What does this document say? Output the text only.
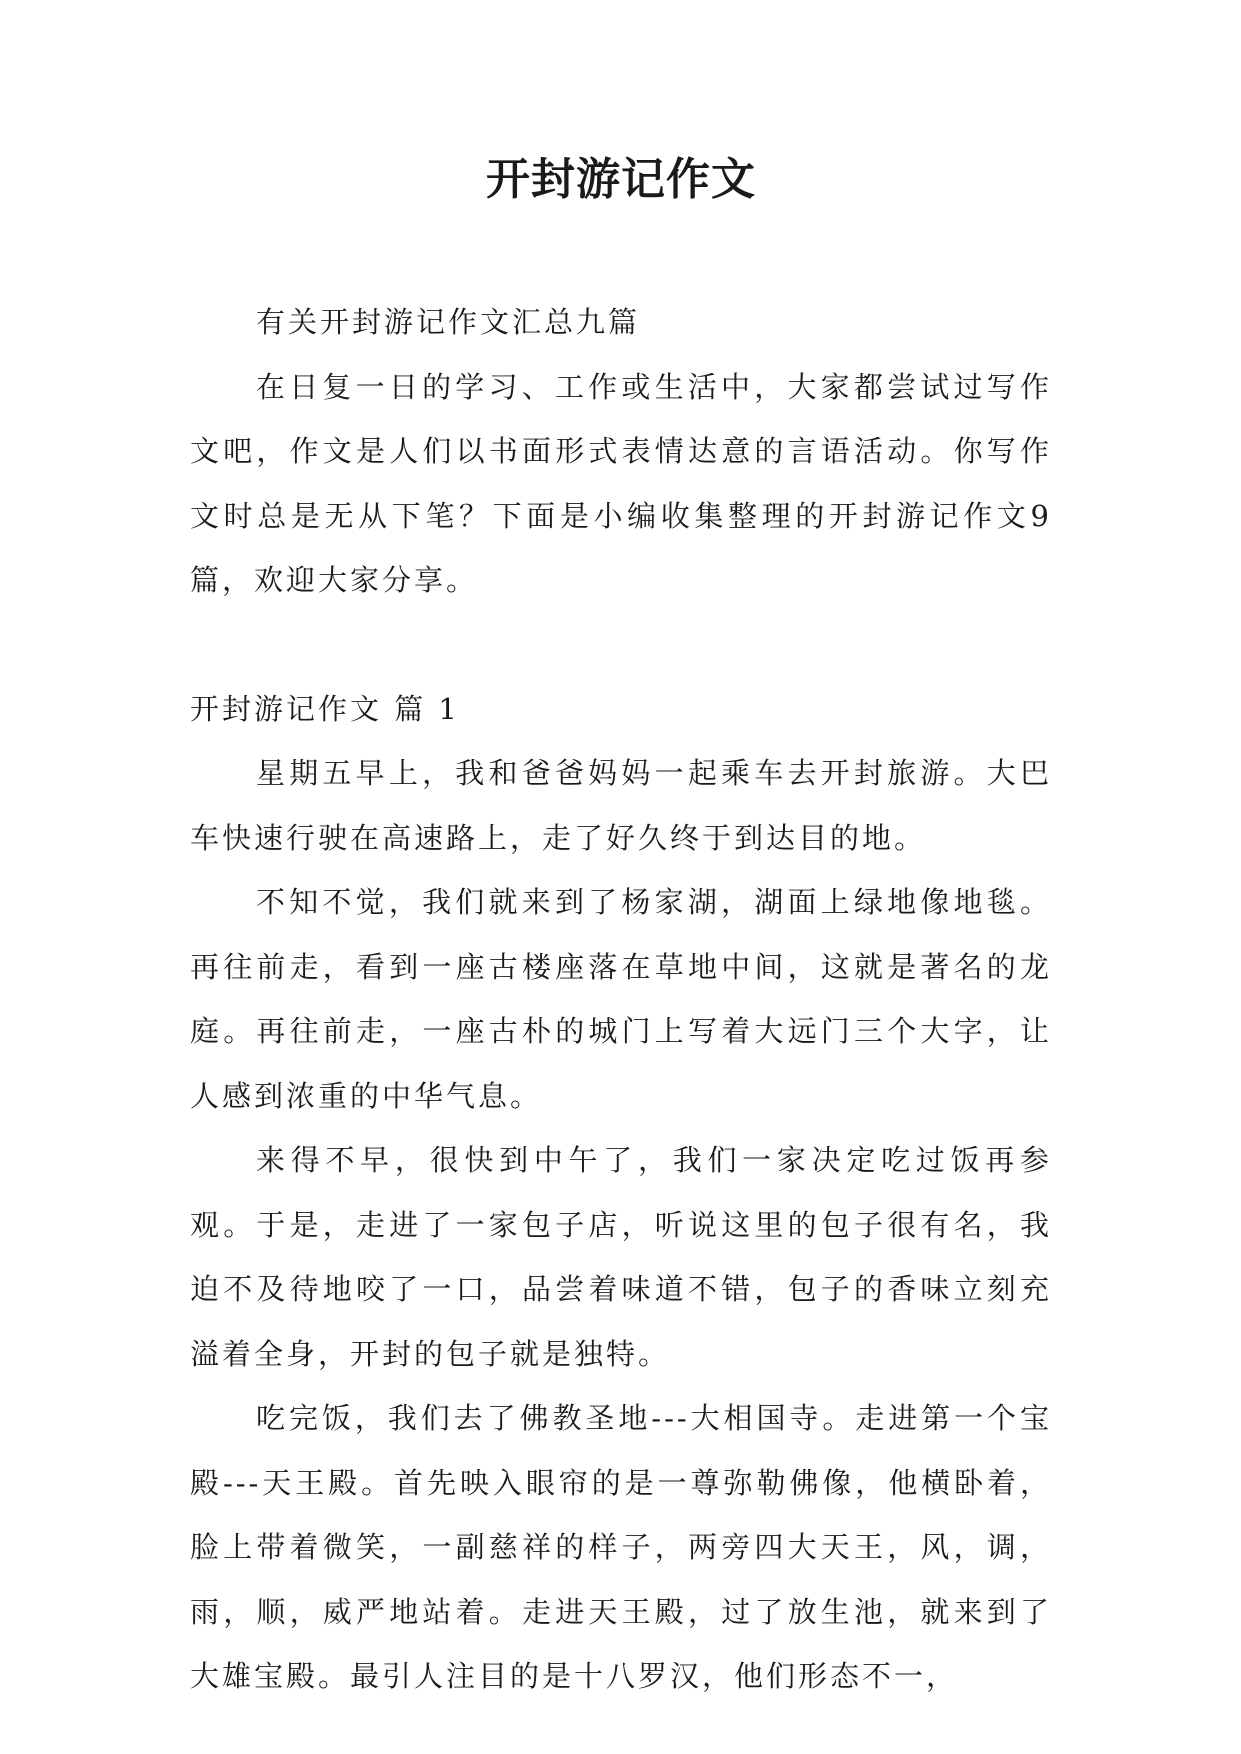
开封游记作文

有关开封游记作文汇总九篇

在日复一日的学习、工作或生活中，大家都尝试过写作文吧，作文是人们以书面形式表情达意的言语活动。你写作文时总是无从下笔？下面是小编收集整理的开封游记作文9篇，欢迎大家分享。

开封游记作文 篇 1

星期五早上，我和爸爸妈妈一起乘车去开封旅游。大巴车快速行驶在高速路上，走了好久终于到达目的地。

不知不觉，我们就来到了杨家湖，湖面上绿地像地毯。再往前走，看到一座古楼座落在草地中间，这就是著名的龙庭。再往前走，一座古朴的城门上写着大远门三个大字，让人感到浓重的中华气息。

来得不早，很快到中午了，我们一家决定吃过饭再参观。于是，走进了一家包子店，听说这里的包子很有名，我迫不及待地咬了一口，品尝着味道不错，包子的香味立刻充溢着全身，开封的包子就是独特。

吃完饭，我们去了佛教圣地---大相国寺。走进第一个宝殿---天王殿。首先映入眼帘的是一尊弥勒佛像，他横卧着，脸上带着微笑，一副慈祥的样子，两旁四大天王，风，调，雨，顺，威严地站着。走进天王殿，过了放生池，就来到了大雄宝殿。最引人注目的是十八罗汉，他们形态不一，
